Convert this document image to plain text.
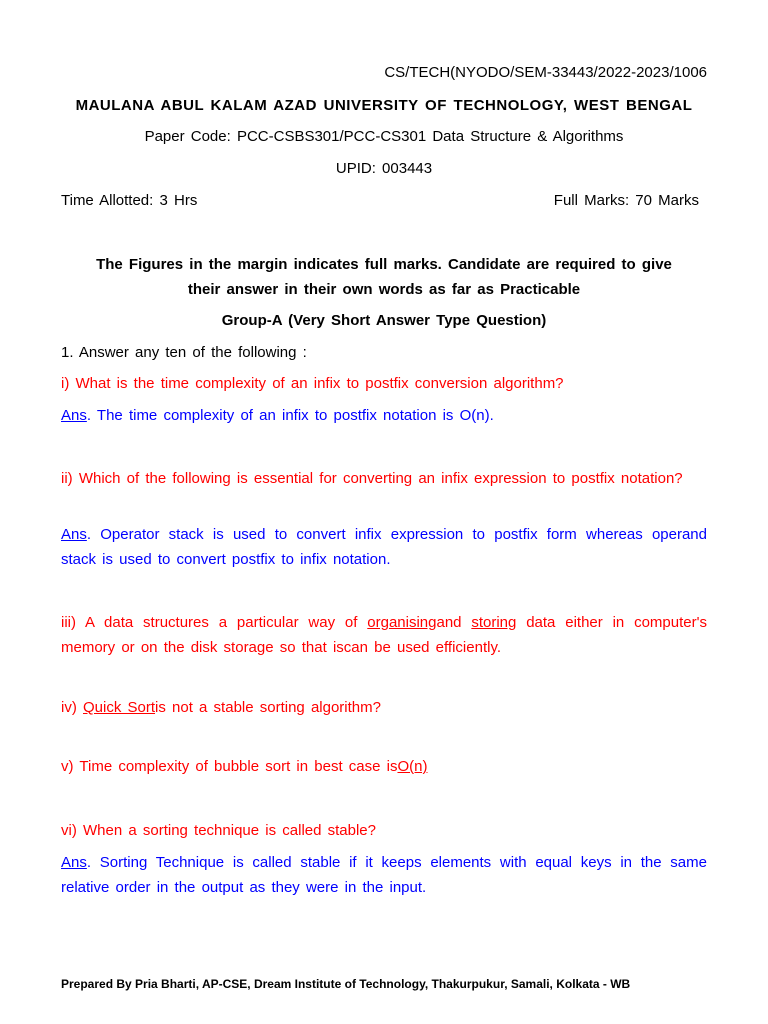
CS/TECH(NYODO/SEM-33443/2022-2023/1006
MAULANA ABUL KALAM AZAD UNIVERSITY OF TECHNOLOGY, WEST BENGAL
Paper Code: PCC-CSBS301/PCC-CS301 Data Structure & Algorithms
UPID: 003443
Time Allotted: 3 Hrs	Full Marks: 70 Marks
The Figures in the margin indicates full marks. Candidate are required to give
their answer in their own words as far as Practicable
Group-A (Very Short Answer Type Question)
1. Answer any ten of the following :
i) What is the time complexity of an infix to postfix conversion algorithm?
Ans. The time complexity of an infix to postfix notation is O(n).
ii) Which of the following is essential for converting an infix expression to postfix notation?
Ans. Operator stack is used to convert infix expression to postfix form whereas operand stack is used to convert postfix to infix notation.
iii) A data structures a particular way of organisingand storing data either in computer's memory or on the disk storage so that iscan be used efficiently.
iv) Quick Sortis not a stable sorting algorithm?
v) Time complexity of bubble sort in best case isO(n)
vi) When a sorting technique is called stable?
Ans. Sorting Technique is called stable if it keeps elements with equal keys in the same relative order in the output as they were in the input.
Prepared By Pria Bharti, AP-CSE, Dream Institute of Technology, Thakurpukur, Samali, Kolkata - WB
